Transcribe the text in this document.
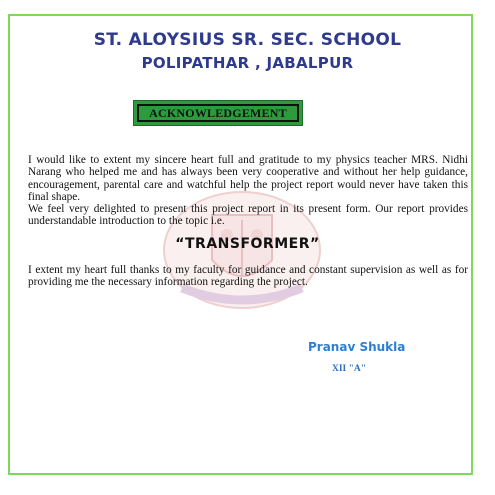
ST. ALOYSIUS SR. SEC. SCHOOL
POLIPATHAR , JABALPUR
ACKNOWLEDGEMENT

I would like to extent my sincere heart full and gratitude to my physics teacher MRS. Nidhi Narang who helped me and has always been very cooperative and without her help guidance, encouragement, parental care and watchful help the project report would never have taken this final shape.

We feel very delighted to present this project report in its present form. Our report provides understandable introduction to the topic i.e.

“TRANSFORMER”

I extent my heart full thanks to my faculty for guidance and constant supervision as well as for providing me the necessary information regarding the project.

Pranav Shukla

XII "A"
